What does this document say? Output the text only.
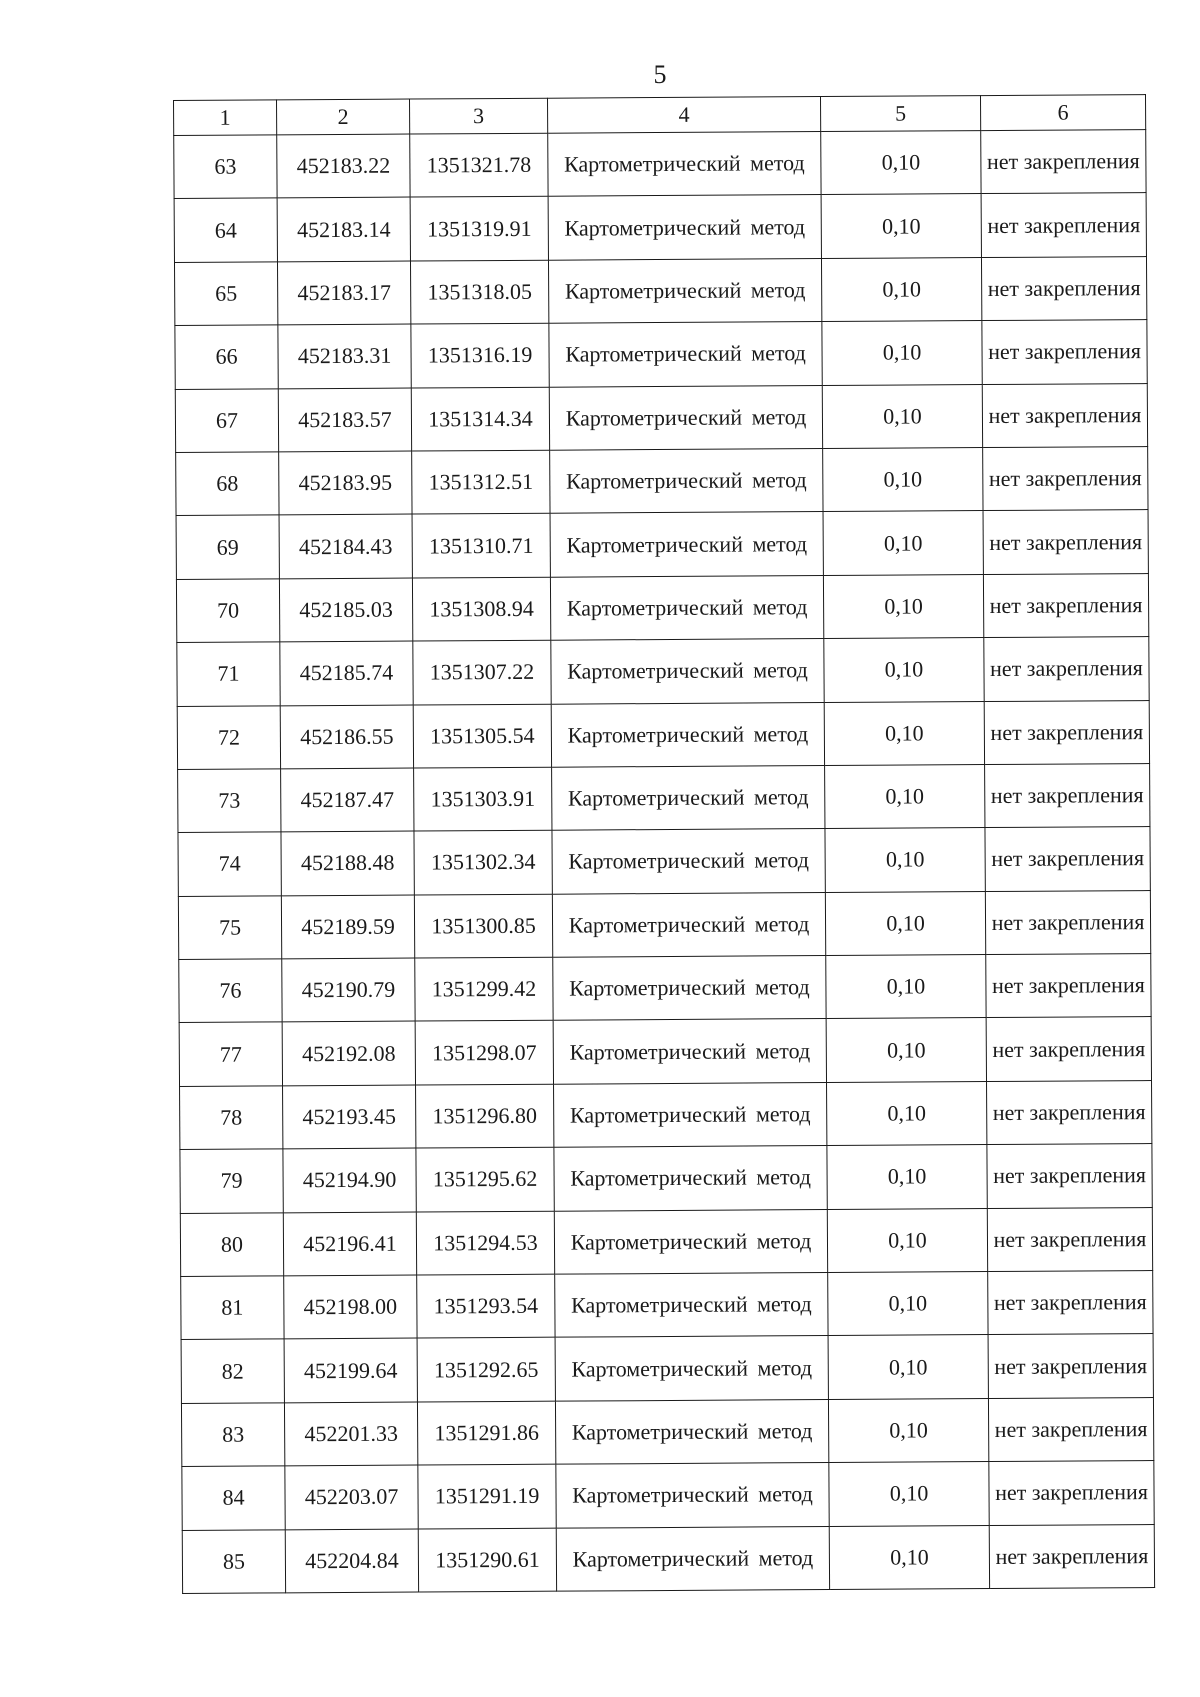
5
1	2	3	4	5	6
63	452183.22	1351321.78	Картометрический метод	0,10	нет закрепления
64	452183.14	1351319.91	Картометрический метод	0,10	нет закрепления
65	452183.17	1351318.05	Картометрический метод	0,10	нет закрепления
66	452183.31	1351316.19	Картометрический метод	0,10	нет закрепления
67	452183.57	1351314.34	Картометрический метод	0,10	нет закрепления
68	452183.95	1351312.51	Картометрический метод	0,10	нет закрепления
69	452184.43	1351310.71	Картометрический метод	0,10	нет закрепления
70	452185.03	1351308.94	Картометрический метод	0,10	нет закрепления
71	452185.74	1351307.22	Картометрический метод	0,10	нет закрепления
72	452186.55	1351305.54	Картометрический метод	0,10	нет закрепления
73	452187.47	1351303.91	Картометрический метод	0,10	нет закрепления
74	452188.48	1351302.34	Картометрический метод	0,10	нет закрепления
75	452189.59	1351300.85	Картометрический метод	0,10	нет закрепления
76	452190.79	1351299.42	Картометрический метод	0,10	нет закрепления
77	452192.08	1351298.07	Картометрический метод	0,10	нет закрепления
78	452193.45	1351296.80	Картометрический метод	0,10	нет закрепления
79	452194.90	1351295.62	Картометрический метод	0,10	нет закрепления
80	452196.41	1351294.53	Картометрический метод	0,10	нет закрепления
81	452198.00	1351293.54	Картометрический метод	0,10	нет закрепления
82	452199.64	1351292.65	Картометрический метод	0,10	нет закрепления
83	452201.33	1351291.86	Картометрический метод	0,10	нет закрепления
84	452203.07	1351291.19	Картометрический метод	0,10	нет закрепления
85	452204.84	1351290.61	Картометрический метод	0,10	нет закрепления
